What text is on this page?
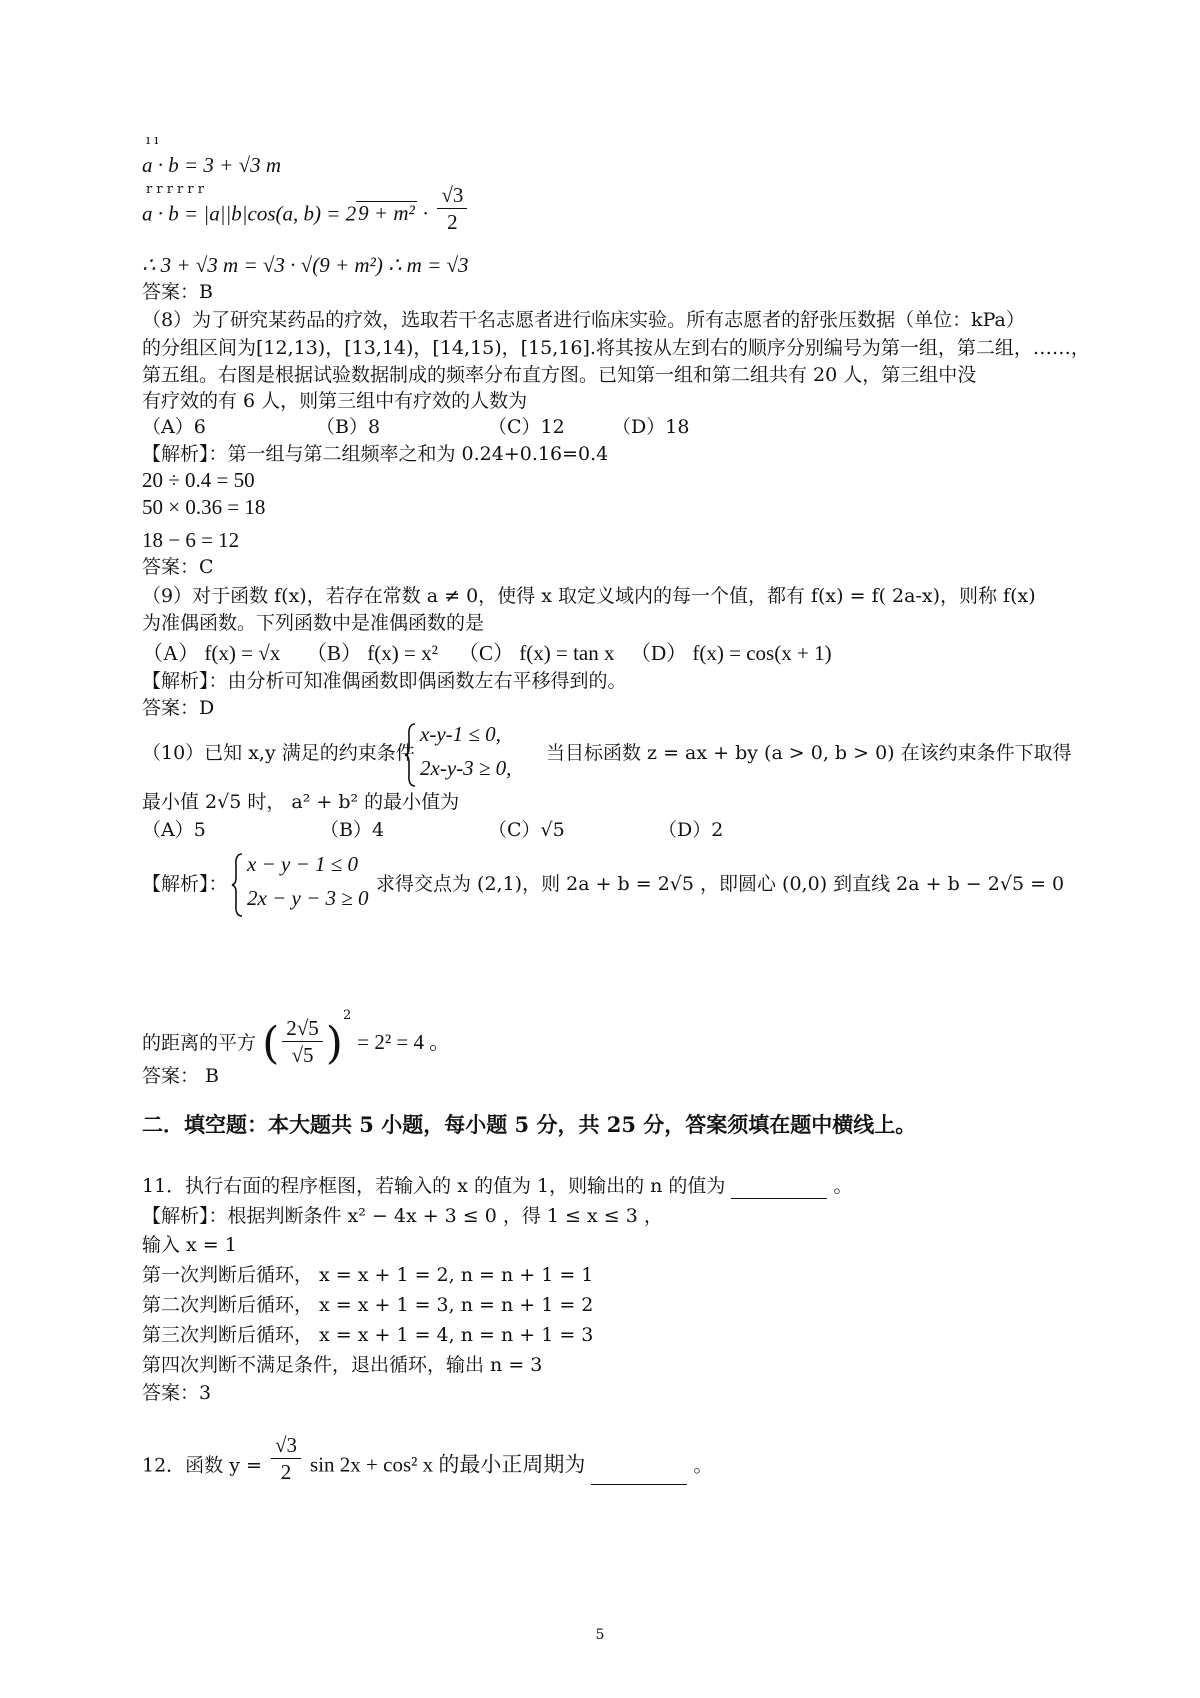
ı ı
a · b = 3 + √3 m
r r r r r r
a · b = |a||b|cos(a, $b) = 29 + m^2 \cdot \frac{√3}{2}$
∴ 3 + √3 m = √3 · √(9 + m²) ∴ m = √3
答案：B
（8）为了研究某药品的疗效，选取若干名志愿者进行临床实验。所有志愿者的舒张压数据（单位：kPa）
的分组区间为[12,13)，[13,14)，[14,15)，[15,16].将其按从左到右的顺序分别编号为第一组，第二组，……，
第五组。右图是根据试验数据制成的频率分布直方图。已知第一组和第二组共有 20 人，第三组中没
有疗效的有 6 人，则第三组中有疗效的人数为
（A）6	（B）8	（C）12 （D）18
【解析】：第一组与第二组频率之和为 0.24+0.16=0.4
20 ÷ 0.4 = 50
50 × 0.36 = 18
18 − 6 = 12
答案：C
（9）对于函数 f(x)，若存在常数 a ≠ 0，使得 x 取定义域内的每一个值，都有 f(x) = f( 2a-x)，则称 f(x)
为准偶函数。下列函数中是准偶函数的是
（A） f(x) = √x （B） f(x) = x² （C） f(x) = tan x （D） f(x) = cos(x + 1)
【解析】：由分析可知准偶函数即偶函数左右平移得到的。
答案：D
（10）已知 x,y 满足的约束条件
x-y-1 ≤ 0,
2x-y-3 ≥ 0,
当目标函数 z = ax + by (a > 0, b > 0) 在该约束条件下取得
最小值 2√5 时， a² + b² 的最小值为
（A）5	（B）4	（C）√5	（D）2
【解析】：
x − y − 1 ≤ 0
2x − y − 3 ≥ 0
求得交点为 (2,1)，则 2a + b = 2√5 ，即圆心 (0,0) 到直线 2a + b − 2√5 = 0
的距离的平方 ( $\frac{2√5}{√5} )^2 = 2^2 = 4$ 。
答案： B
二．填空题：本大题共 5 小题，每小题 5 分，共 25 分，答案须填在题中横线上。
11．执行右面的程序框图，若输入的 x 的值为 1，则输出的 n 的值为	。
【解析】：根据判断条件 x² − 4x + 3 ≤ 0 ，得 1 ≤ x ≤ 3 ，
输入 x = 1
第一次判断后循环， x = x + 1 = 2, n = n + 1 = 1
第二次判断后循环， x = x + 1 = 3, n = n + 1 = 2
第三次判断后循环， x = x + 1 = 4, n = n + 1 = 3
第四次判断不满足条件，退出循环，输出 n = 3
答案：3
12．函数 $y = \frac{√3}{2}$ sin 2x + cos² x 的最小正周期为	。
5
